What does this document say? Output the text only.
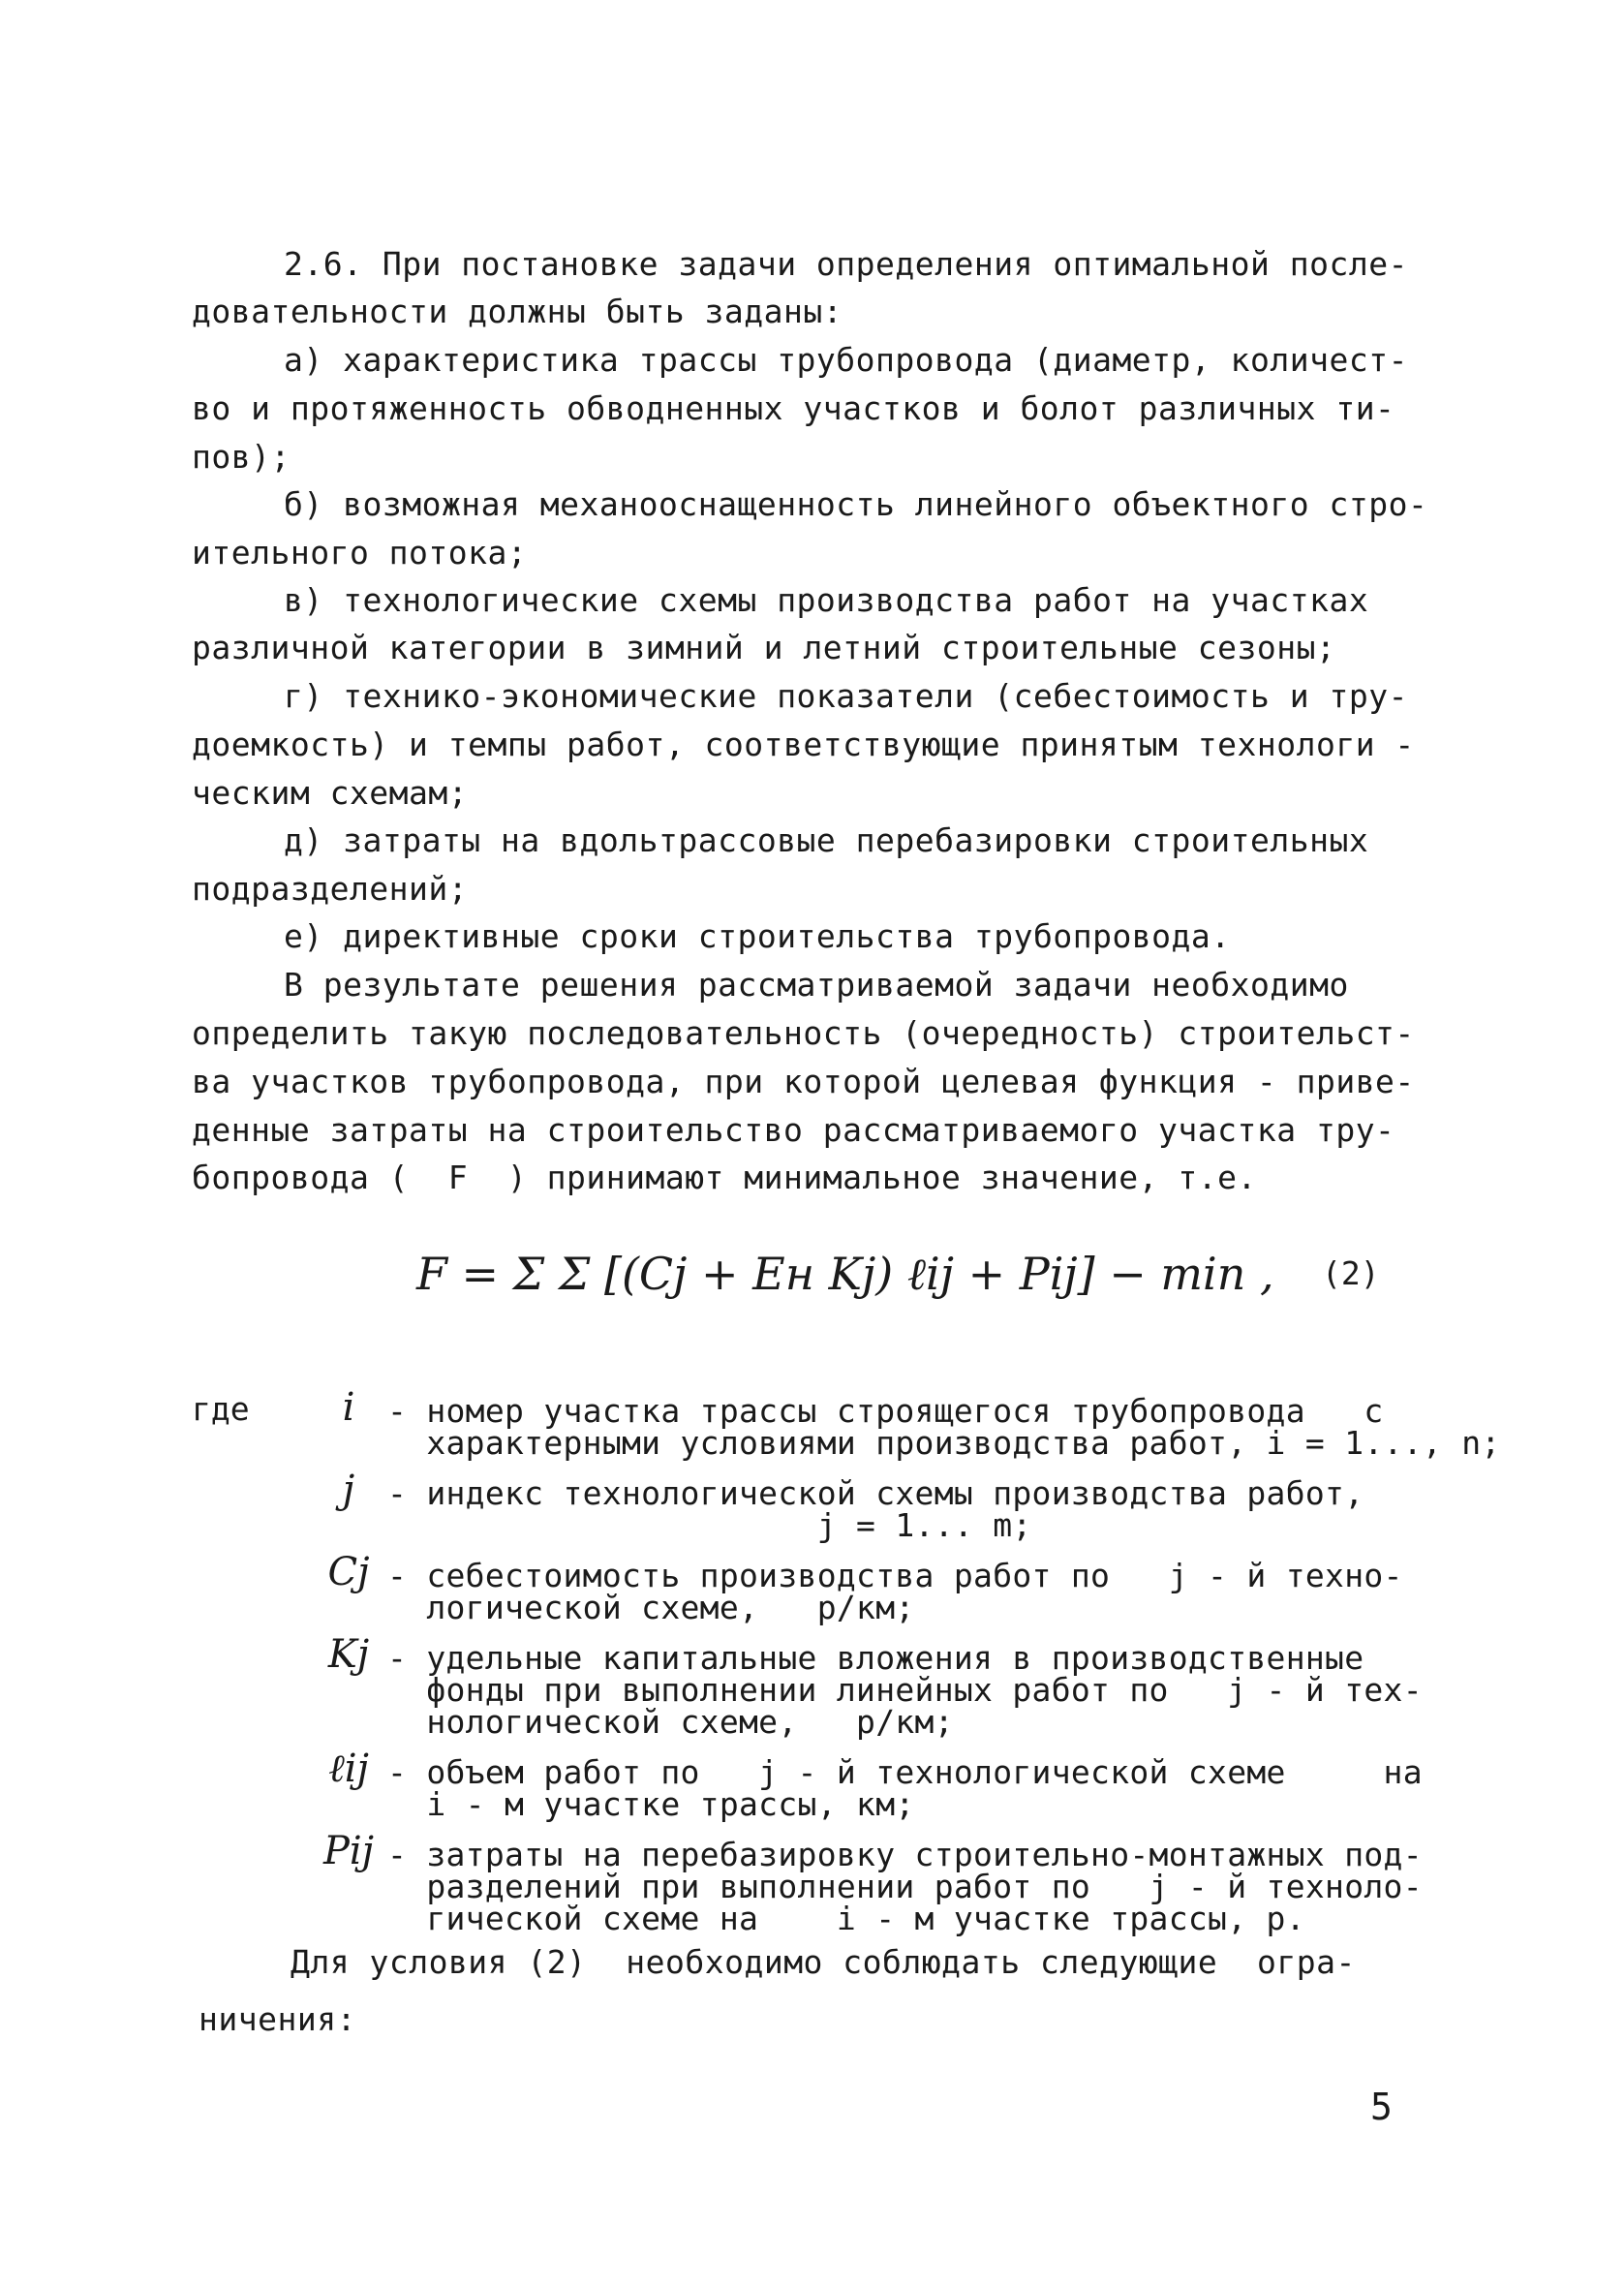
2.6. При постановке задачи определения оптимальной после-
довательности должны быть заданы:
а) характеристика трассы трубопровода (диаметр, количест-
во и протяженность обводненных участков и болот различных ти-
пов);
б) возможная механооснащенность линейного объектного стро-
ительного потока;
в) технологические схемы производства работ на участках
различной категории в зимний и летний строительные сезоны;
г) технико-экономические показатели (себестоимость и тру-
доемкость) и темпы работ, соответствующие принятым технологи -
ческим схемам;
д) затраты на вдольтрассовые перебазировки строительных
подразделений;
е) директивные сроки строительства трубопровода.
В результате решения рассматриваемой задачи необходимо
определить такую последовательность (очередность) строительст-
ва участков трубопровода, при которой целевая функция - приве-
денные затраты на строительство рассматриваемого участка тру-
бопровода (  F  ) принимают минимальное значение, т.е.
F = Σ Σ [(Cj + Eн Kj) ℓij + Pij] − min , (2)
где	i	- номер участка трассы строящегося трубопровода   с
характерными условиями производства работ, i = 1..., n;
j	- индекс технологической схемы производства работ,
j = 1... m;
Cj - себестоимость производства работ по   j - й техно-
логической схеме,   р/км;
Kj - удельные капитальные вложения в производственные
фонды при выполнении линейных работ по   j - й тех-
нологической схеме,   р/км;
ℓij - объем работ по   j - й технологической схеме     на
i - м участке трассы, км;
Pij - затраты на перебазировку строительно-монтажных под-
разделений при выполнении работ по   j - й техноло-
гической схеме на    i - м участке трассы, р.
Для условия (2)  необходимо соблюдать следующие  огра-
ничения:
5
